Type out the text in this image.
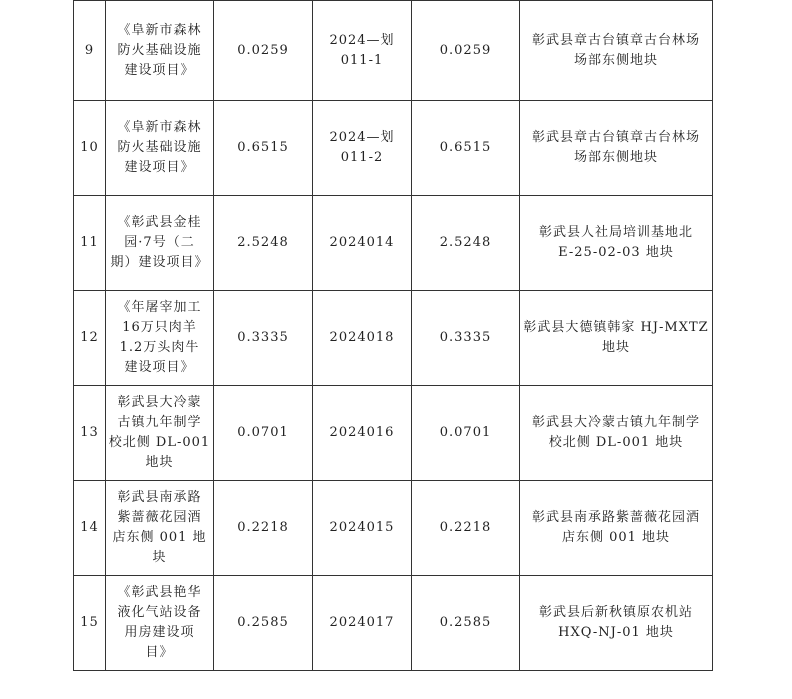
9	《阜新市森林
防火基础设施
建设项目》	0.0259	2024—划
011-1	0.0259	彰武县章古台镇章古台林场
场部东侧地块

10	《阜新市森林
防火基础设施
建设项目》	0.6515	2024—划
011-2	0.6515	彰武县章古台镇章古台林场
场部东侧地块

11	《彰武县金桂
园·7号（二
期）建设项目》	2.5248	2024014	2.5248	彰武县人社局培训基地北
E-25-02-03 地块

12	《年屠宰加工
16万只肉羊
1.2万头肉牛
建设项目》	0.3335	2024018	0.3335	彰武县大德镇韩家 HJ-MXTZ
地块

13	彰武县大冷蒙
古镇九年制学
校北侧 DL-001
地块	0.0701	2024016	0.0701	彰武县大冷蒙古镇九年制学
校北侧 DL-001 地块

14	彰武县南承路
紫蔷薇花园酒
店东侧 001 地
块	0.2218	2024015	0.2218	彰武县南承路紫蔷薇花园酒
店东侧 001 地块

15	《彰武县艳华
液化气站设备
用房建设项
目》	0.2585	2024017	0.2585	彰武县后新秋镇原农机站
HXQ-NJ-01 地块
